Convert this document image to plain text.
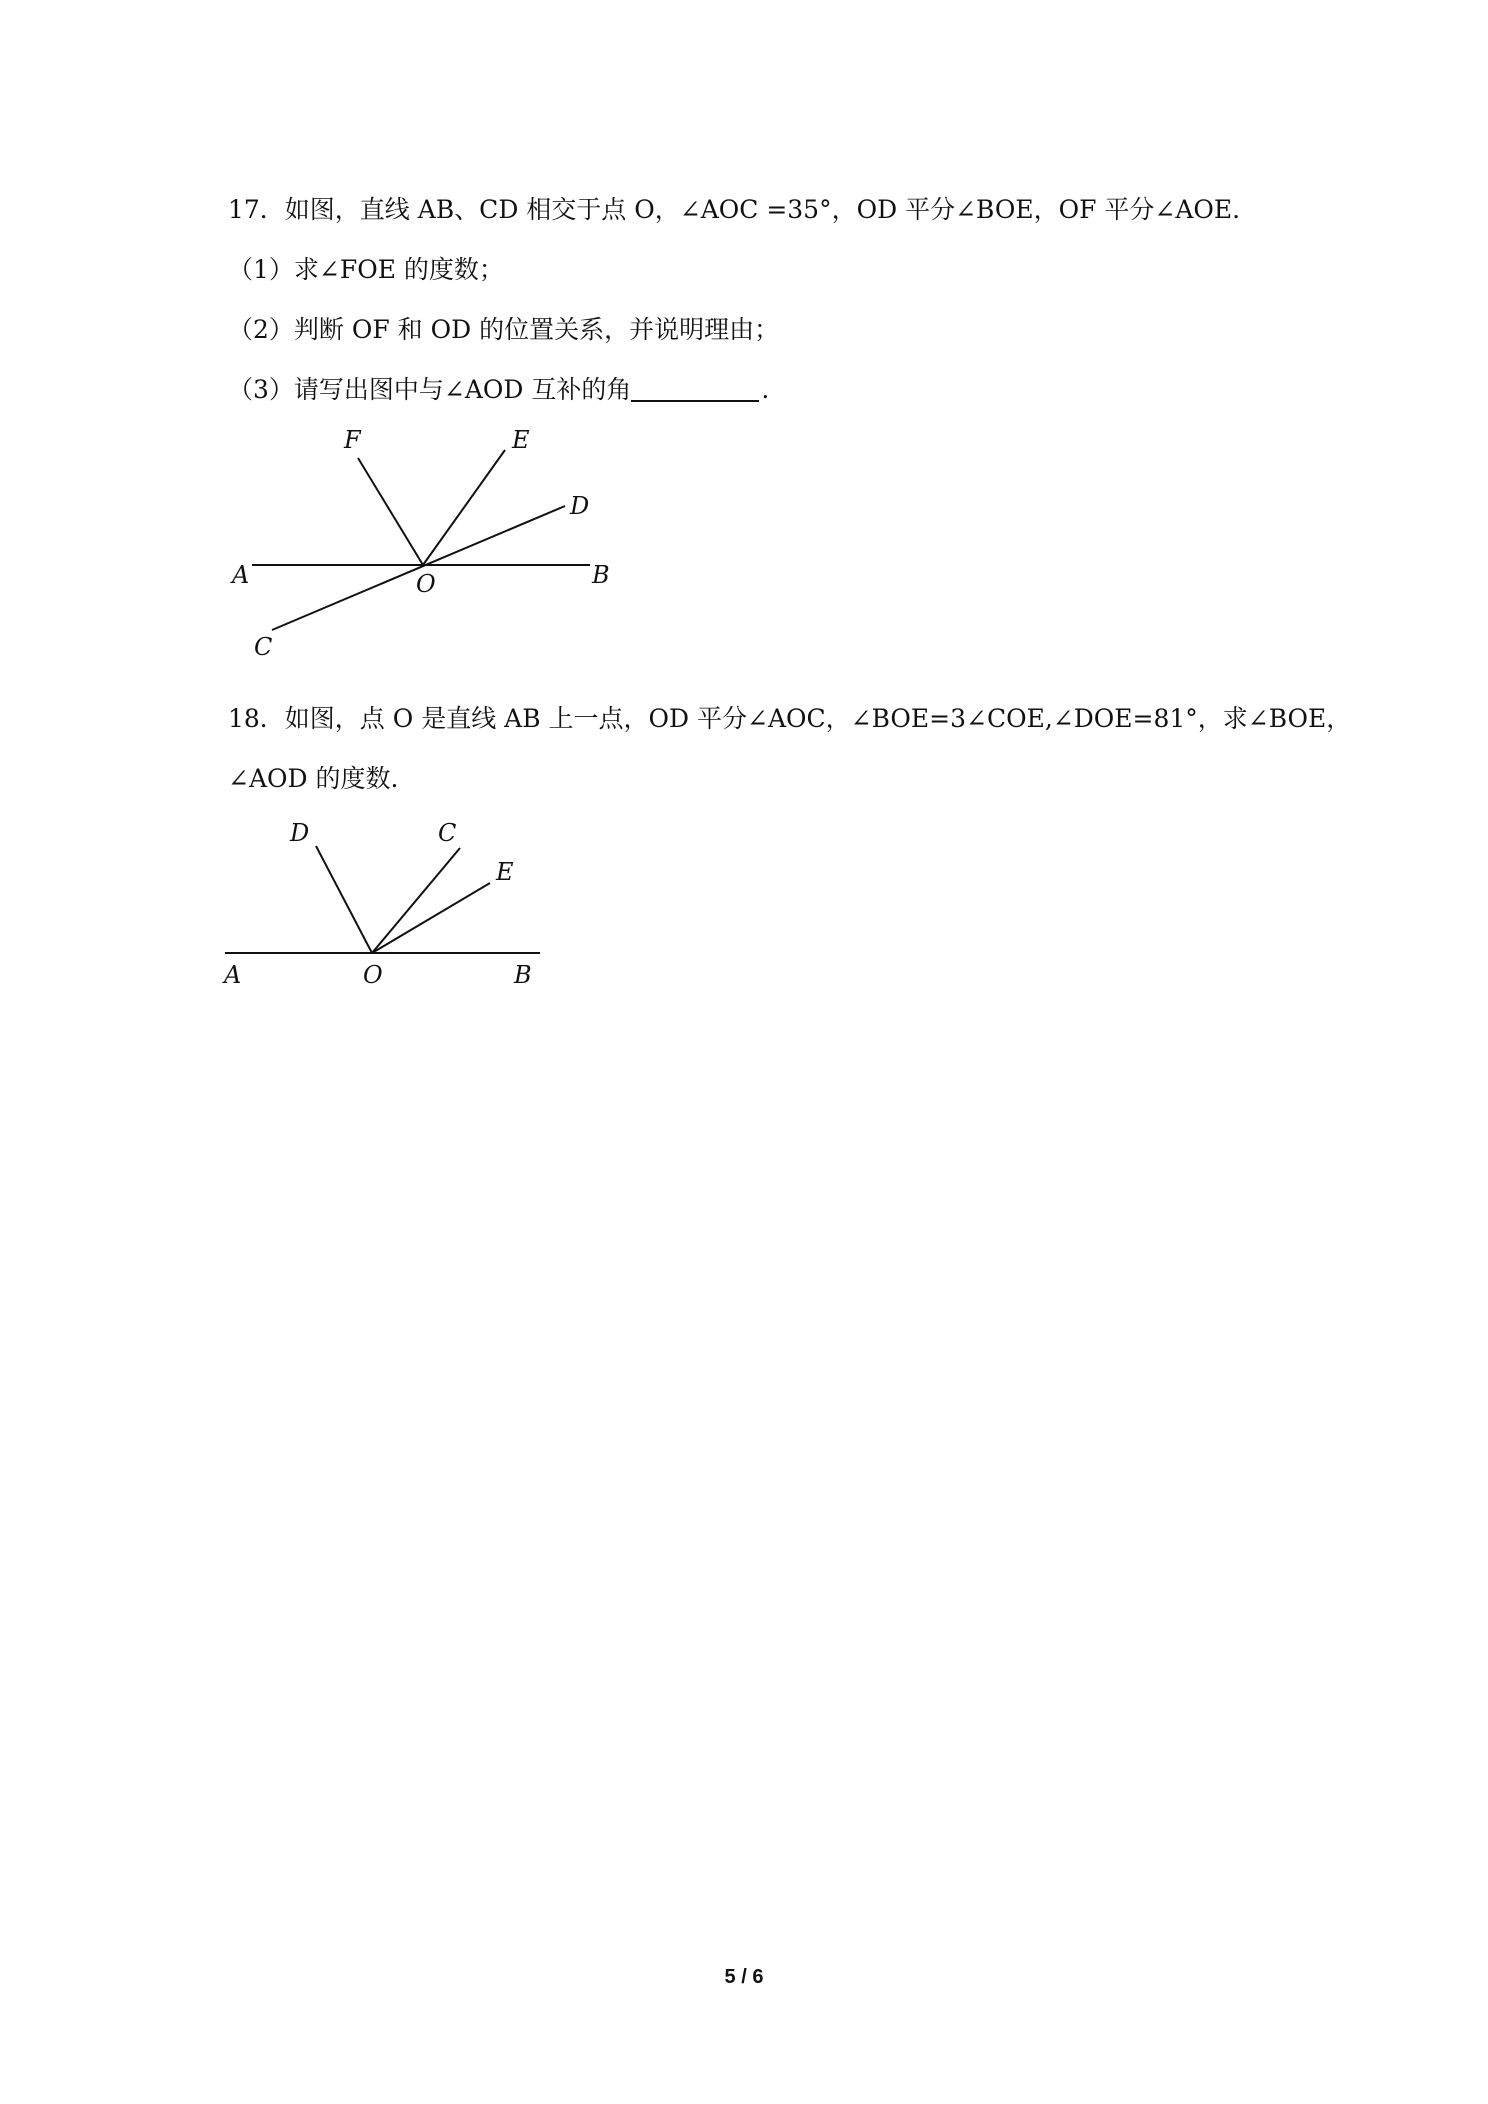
17．如图，直线 AB、CD 相交于点 O，∠AOC =35°，OD 平分∠BOE，OF 平分∠AOE.
（1）求∠FOE 的度数；
（2）判断 OF 和 OD 的位置关系，并说明理由；
（3）请写出图中与∠AOD 互补的角	.
A	B
C
D
E
F
O
18．如图，点 O 是直线 AB 上一点，OD 平分∠AOC，∠BOE=3∠COE,∠DOE=81°，求∠BOE，
∠AOD 的度数.
A	B
C
D
E
O
5 / 6
